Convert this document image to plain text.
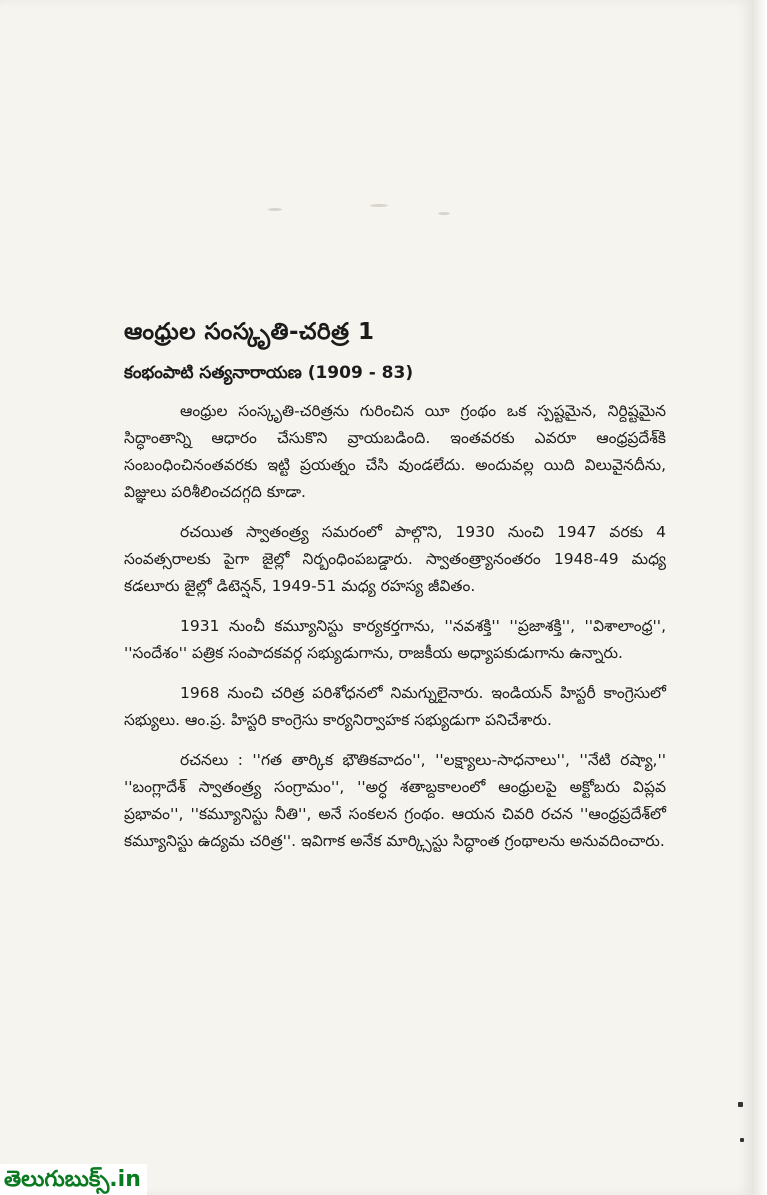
ఆంధ్రుల సంస్కృతి-చరిత్ర 1
కంభంపాటి సత్యనారాయణ (1909 - 83)

ఆంధ్రుల సంస్కృతి-చరిత్రను గురించిన యీ గ్రంథం ఒక స్పష్టమైన, నిర్దిష్టమైన సిద్ధాంతాన్ని ఆధారం చేసుకొని వ్రాయబడింది. ఇంతవరకు ఎవరూ ఆంధ్రప్రదేశ్‌కి సంబంధించినంతవరకు ఇట్టి ప్రయత్నం చేసి వుండలేదు. అందువల్ల యిది విలువైనదీను, విజ్ఞులు పరిశీలించదగ్గది కూడా.

రచయిత స్వాతంత్ర్య సమరంలో పాల్గొని, 1930 నుంచి 1947 వరకు 4 సంవత్సరాలకు పైగా జైల్లో నిర్బంధింపబడ్డారు. స్వాతంత్ర్యానంతరం 1948-49 మధ్య కడలూరు జైల్లో డిటెన్షన్, 1949-51 మధ్య రహస్య జీవితం.

1931 నుంచీ కమ్యూనిస్టు కార్యకర్తగాను, ''నవశక్తి'' ''ప్రజాశక్తి'', ''విశాలాంధ్ర'', ''సందేశం'' పత్రిక సంపాదకవర్గ సభ్యుడుగాను, రాజకీయ అధ్యాపకుడుగాను ఉన్నారు.

1968 నుంచి చరిత్ర పరిశోధనలో నిమగ్నులైనారు. ఇండియన్ హిస్టరీ కాంగ్రెసులో సభ్యులు. ఆం.ప్ర. హిస్టరి కాంగ్రెసు కార్యనిర్వాహక సభ్యుడుగా పనిచేశారు.

రచనలు : ''గత తార్కిక భౌతికవాదం'', ''లక్ష్యాలు-సాధనాలు'', ''నేటి రష్యా,'' ''బంగ్లాదేశ్ స్వాతంత్ర్య సంగ్రామం'', ''అర్ధ శతాబ్దకాలంలో ఆంధ్రులపై అక్టోబరు విప్లవ ప్రభావం'', ''కమ్యూనిస్టు నీతి'', అనే సంకలన గ్రంథం. ఆయన చివరి రచన ''ఆంధ్రప్రదేశ్‌లో కమ్యూనిస్టు ఉద్యమ చరిత్ర''. ఇవిగాక అనేక మార్క్సిస్టు సిద్ధాంత గ్రంథాలను అనువదించారు.

తెలుగుబుక్స్.in
